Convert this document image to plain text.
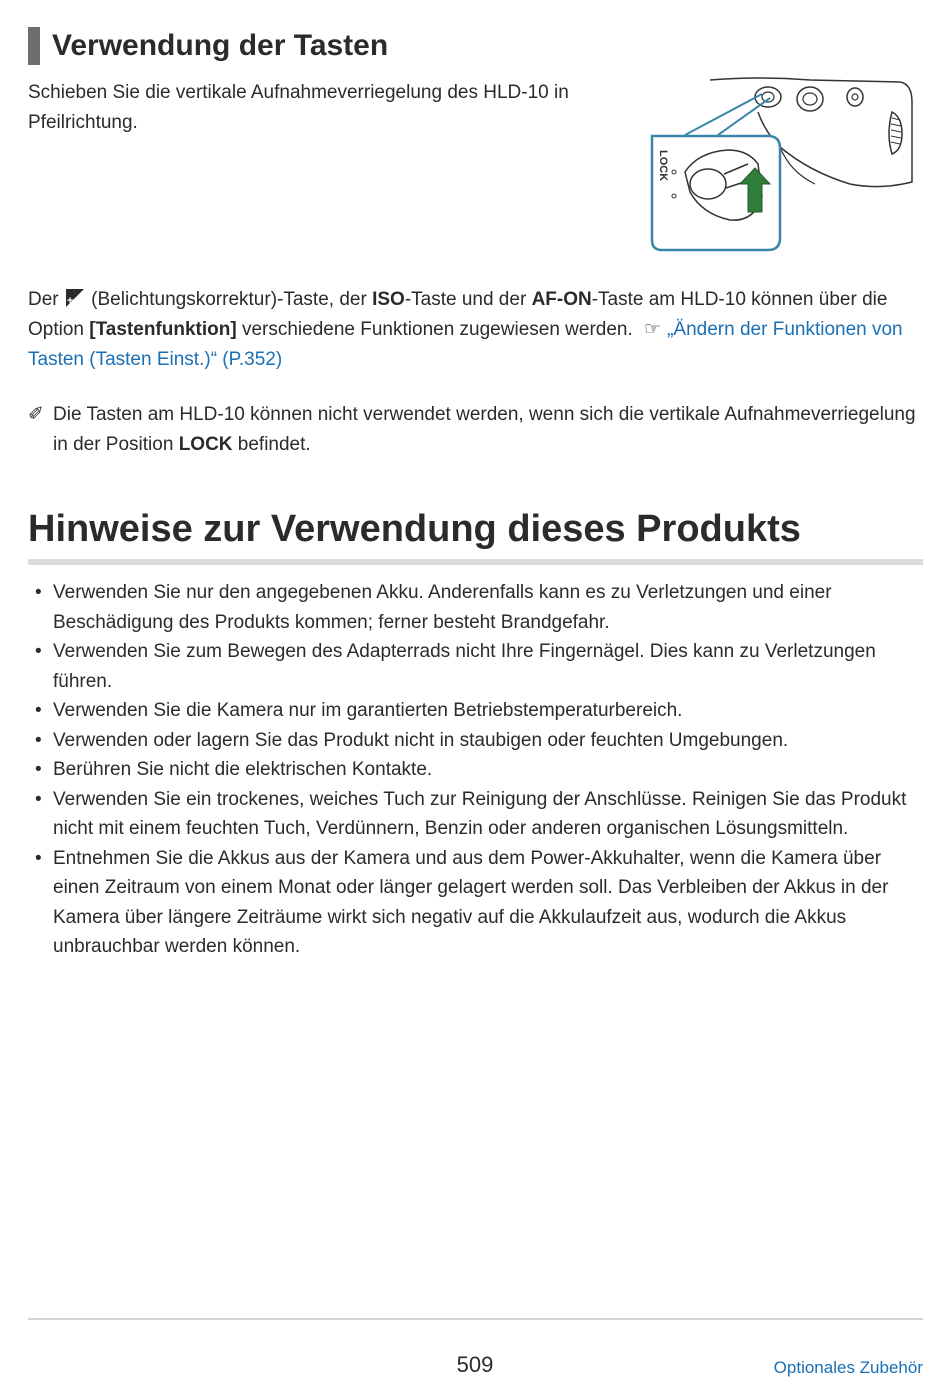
Verwendung der Tasten
Schieben Sie die vertikale Aufnahmeverriegelung des HLD-10 in Pfeilrichtung.
LOCK
Der + (Belichtungskorrektur)-Taste, der ISO-Taste und der AF-ON-Taste am HLD-10 können über die Option [Tastenfunktion] verschiedene Funktionen zugewiesen werden. ☞ „Ändern der Funktionen von Tasten (Tasten Einst.)“ (P.352)
✐ Die Tasten am HLD-10 können nicht verwendet werden, wenn sich die vertikale Aufnahmeverriegelung in der Position LOCK befindet.
Hinweise zur Verwendung dieses Produkts
• Verwenden Sie nur den angegebenen Akku. Anderenfalls kann es zu Verletzungen und einer Beschädigung des Produkts kommen; ferner besteht Brandgefahr.
• Verwenden Sie zum Bewegen des Adapterrads nicht Ihre Fingernägel. Dies kann zu Verletzungen führen.
• Verwenden Sie die Kamera nur im garantierten Betriebstemperaturbereich.
• Verwenden oder lagern Sie das Produkt nicht in staubigen oder feuchten Umgebungen.
• Berühren Sie nicht die elektrischen Kontakte.
• Verwenden Sie ein trockenes, weiches Tuch zur Reinigung der Anschlüsse. Reinigen Sie das Produkt nicht mit einem feuchten Tuch, Verdünnern, Benzin oder anderen organischen Lösungsmitteln.
• Entnehmen Sie die Akkus aus der Kamera und aus dem Power-Akkuhalter, wenn die Kamera über einen Zeitraum von einem Monat oder länger gelagert werden soll. Das Verbleiben der Akkus in der Kamera über längere Zeiträume wirkt sich negativ auf die Akkulaufzeit aus, wodurch die Akkus unbrauchbar werden können.
509	Optionales Zubehör
